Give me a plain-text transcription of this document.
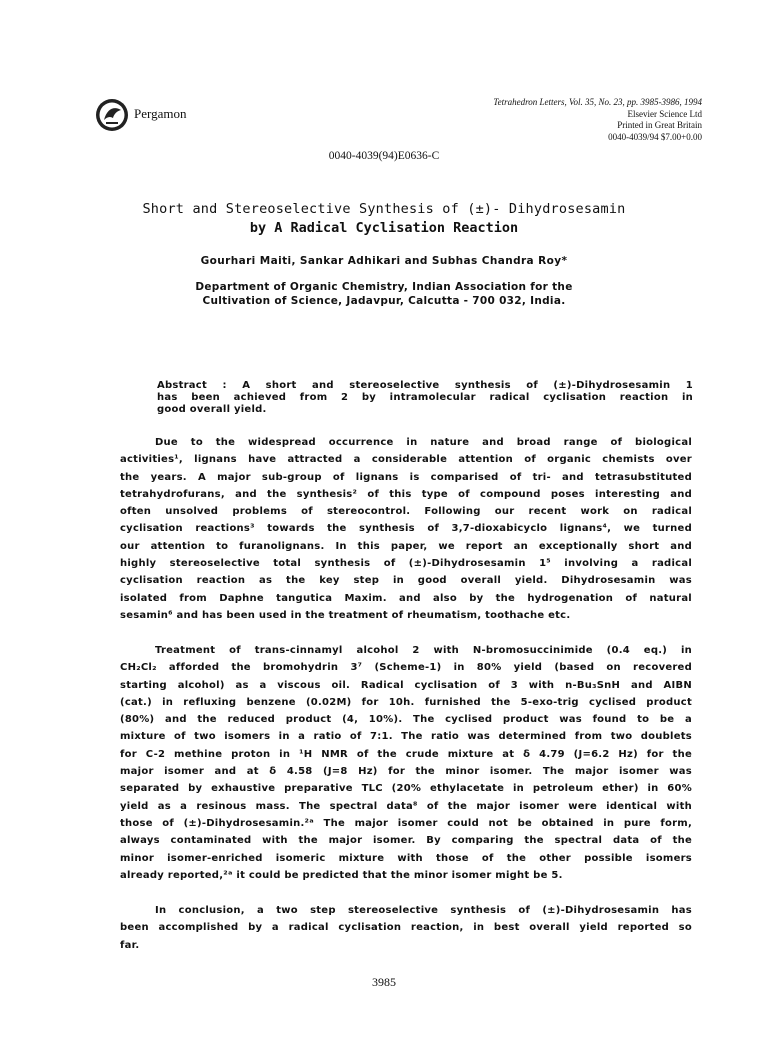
Pergamon
Tetrahedron Letters, Vol. 35, No. 23, pp. 3985-3986, 1994
Elsevier Science Ltd
Printed in Great Britain
0040-4039/94 $7.00+0.00
0040-4039(94)E0636-C
Short and Stereoselective Synthesis of (±)- Dihydrosesamin
by A Radical Cyclisation Reaction
Gourhari Maiti, Sankar Adhikari and Subhas Chandra Roy*
Department of Organic Chemistry, Indian Association for the
Cultivation of Science, Jadavpur, Calcutta - 700 032, India.
Abstract : A short and stereoselective synthesis of (±)-Dihydrosesamin 1
has been achieved from 2 by intramolecular radical cyclisation reaction in
good overall yield.
Due to the widespread occurrence in nature and broad range of biological
activities¹, lignans have attracted a considerable attention of organic chemists over
the years. A major sub-group of lignans is comparised of tri- and tetrasubstituted
tetrahydrofurans, and the synthesis² of this type of compound poses interesting and
often unsolved problems of stereocontrol. Following our recent work on radical
cyclisation reactions³ towards the synthesis of 3,7-dioxabicyclo lignans⁴, we turned
our attention to furanolignans. In this paper, we report an exceptionally short and
highly stereoselective total synthesis of (±)-Dihydrosesamin 1⁵ involving a radical
cyclisation reaction as the key step in good overall yield. Dihydrosesamin was
isolated from Daphne tangutica Maxim. and also by the hydrogenation of natural
sesamin⁶ and has been used in the treatment of rheumatism, toothache etc.
Treatment of trans-cinnamyl alcohol 2 with N-bromosuccinimide (0.4 eq.) in
CH₂Cl₂ afforded the bromohydrin 3⁷ (Scheme-1) in 80% yield (based on recovered
starting alcohol) as a viscous oil. Radical cyclisation of 3 with n-Bu₃SnH and AIBN
(cat.) in refluxing benzene (0.02M) for 10h. furnished the 5-exo-trig cyclised product
(80%) and the reduced product (4, 10%). The cyclised product was found to be a
mixture of two isomers in a ratio of 7:1. The ratio was determined from two doublets
for C-2 methine proton in ¹H NMR of the crude mixture at δ 4.79 (J=6.2 Hz) for the
major isomer and at δ 4.58 (J=8 Hz) for the minor isomer. The major isomer was
separated by exhaustive preparative TLC (20% ethylacetate in petroleum ether) in 60%
yield as a resinous mass. The spectral data⁸ of the major isomer were identical with
those of (±)-Dihydrosesamin.²ᵃ The major isomer could not be obtained in pure form,
always contaminated with the major isomer. By comparing the spectral data of the
minor isomer-enriched isomeric mixture with those of the other possible isomers
already reported,²ᵃ it could be predicted that the minor isomer might be 5.
In conclusion, a two step stereoselective synthesis of (±)-Dihydrosesamin has
been accomplished by a radical cyclisation reaction, in best overall yield reported so
far.
3985
